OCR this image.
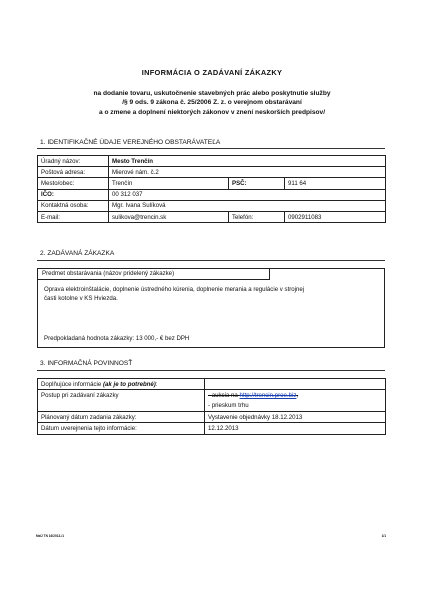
INFORMÁCIA O ZADÁVANÍ ZÁKAZKY
na dodanie tovaru, uskutočnenie stavebných prác alebo poskytnutie služby
/§ 9 ods. 9 zákona č. 25/2006 Z. z. o verejnom obstarávaní
a o zmene a doplnení niektorých zákonov v znení neskorších predpisov/
1. IDENTIFIKAČNÉ ÚDAJE VEREJNÉHO OBSTARÁVATEĽA
Úradný názov:	Mesto Trenčín		
Poštová adresa:	Mierové nám. č.2		
Mesto/obec:	Trenčín	PSČ:	911 64
IČO:	00 312 037		
Kontaktná osoba:	Mgr. Ivana Sulíková		
E-mail:	sulikova@trencin.sk	Telefón:	0902911083
2. ZADÁVANÁ ZÁKAZKA
Predmet obstarávania (názov pridelený zákazke)
Oprava elektroinštalácie, doplnenie ústredného kúrenia, doplnenie merania a regulácie v strojnej
časti kotolne v KS Hviezda.
Predpokladaná hodnota zákazky: 13 000,- € bez DPH
3. INFORMAČNÁ POVINNOSŤ
Doplňujúce informácie (ak je to potrebné):	
Postup pri zadávaní zákazky	- aukcia na http://trencin.proe.biz,
- prieskum trhu

Plánovaný dátum zadania zákazky:	Vystavenie objednávky 18.12.2013
Dátum uverejnenia tejto informácie:	12.12.2013
MsÚ TN 16/2013-/1	1/1
